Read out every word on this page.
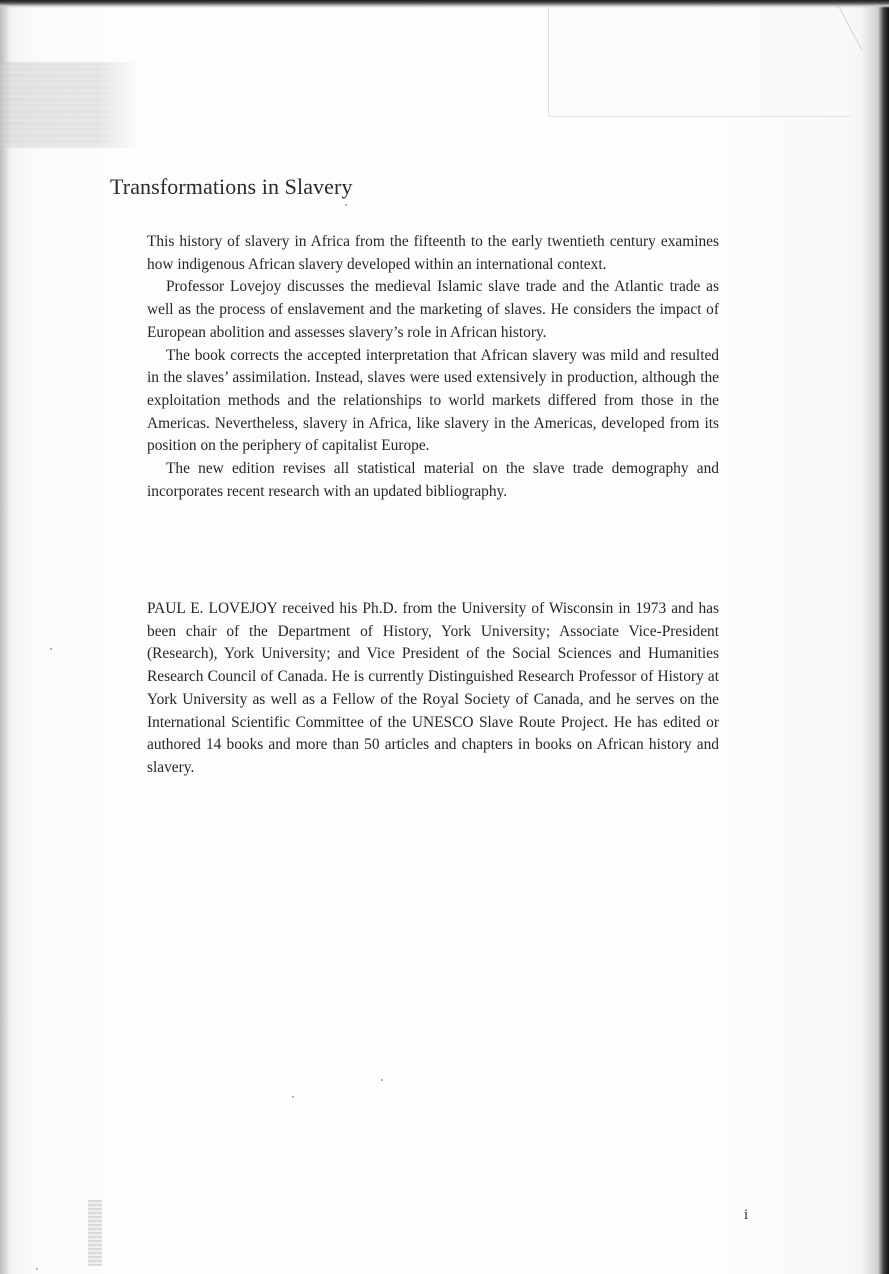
Transformations in Slavery

This history of slavery in Africa from the fifteenth to the early twentieth century examines how indigenous African slavery developed within an international context.

Professor Lovejoy discusses the medieval Islamic slave trade and the Atlantic trade as well as the process of enslavement and the marketing of slaves. He considers the impact of European abolition and assesses slavery’s role in African history.

The book corrects the accepted interpretation that African slavery was mild and resulted in the slaves’ assimilation. Instead, slaves were used extensively in production, although the exploitation methods and the relationships to world markets differed from those in the Americas. Nevertheless, slavery in Africa, like slavery in the Americas, developed from its position on the periphery of capitalist Europe.

The new edition revises all statistical material on the slave trade demography and incorporates recent research with an updated bibliography.

PAUL E. LOVEJOY received his Ph.D. from the University of Wisconsin in 1973 and has been chair of the Department of History, York University; Associate Vice-President (Research), York University; and Vice President of the Social Sciences and Humanities Research Council of Canada. He is currently Distinguished Research Professor of History at York University as well as a Fellow of the Royal Society of Canada, and he serves on the International Scientific Committee of the UNESCO Slave Route Project. He has edited or authored 14 books and more than 50 articles and chapters in books on African history and slavery.

i
